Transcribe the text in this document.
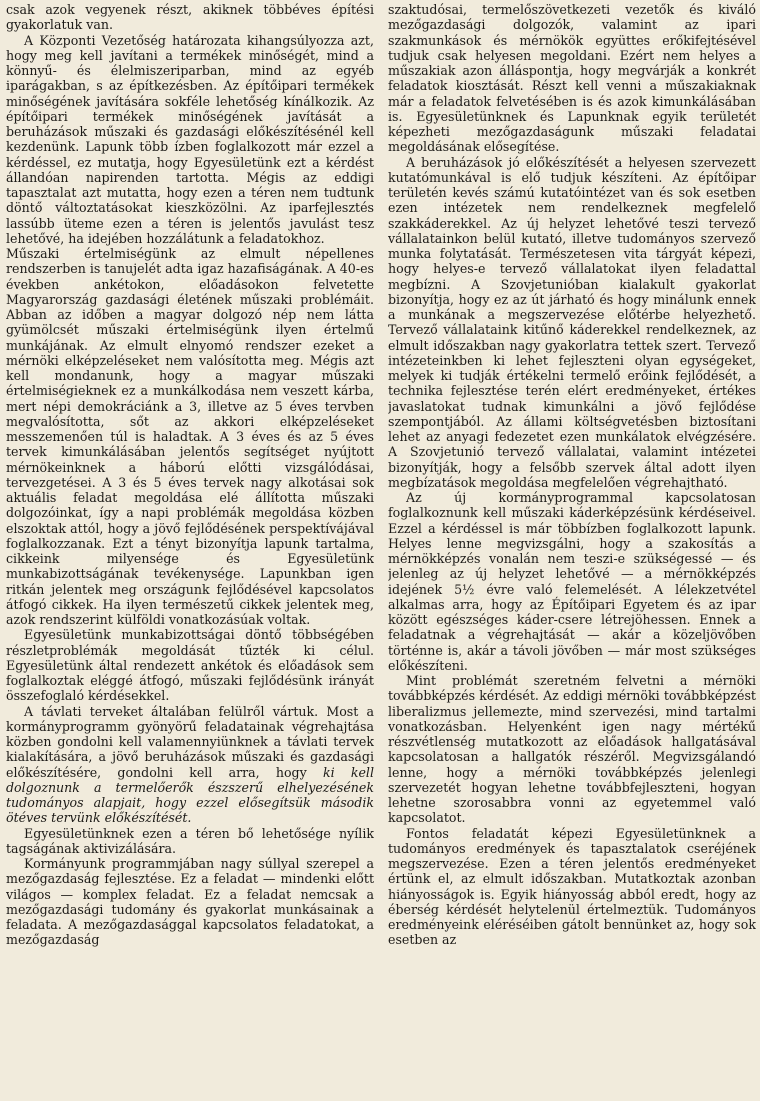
csak azok vegyenek részt, akiknek többéves építési gyakorlatuk van.

A Központi Vezetőség határozata kihangsúlyozza azt, hogy meg kell javítani a termékek minőségét, mind a könnyű- és élelmiszeriparban, mind az egyéb iparágakban, s az építkezésben. Az építőipari termékek minőségének javítására sokféle lehetőség kínálkozik. Az építőipari termékek minőségének javítását a beruházások műszaki és gazdasági előkészítésénél kell kezdenünk. Lapunk több ízben foglalkozott már ezzel a kérdéssel, ez mutatja, hogy Egyesületünk ezt a kérdést állandóan napirenden tartotta. Mégis az eddigi tapasztalat azt mutatta, hogy ezen a téren nem tudtunk döntő változtatásokat kieszközölni. Az iparfejlesztés lassúbb üteme ezen a téren is jelentős javulást tesz lehetővé, ha idejében hozzálátunk a feladatokhoz.

Műszaki értelmiségünk az elmult népellenes rendszerben is tanujelét adta igaz hazafiságának. A 40-es években ankétokon, előadásokon felvetette Magyarország gazdasági életének műszaki problémáit. Abban az időben a magyar dolgozó nép nem látta gyümölcsét műszaki értelmiségünk ilyen értelmű munkájának. Az elmult elnyomó rendszer ezeket a mérnöki elképzeléseket nem valósította meg. Mégis azt kell mondanunk, hogy a magyar műszaki értelmiségieknek ez a munkálkodása nem veszett kárba, mert népi demokráciánk a 3, illetve az 5 éves tervben megvalósította, sőt az akkori elképzeléseket messzemenően túl is haladtak. A 3 éves és az 5 éves tervek kimunkálásában jelentős segítséget nyújtott mérnökeinknek a háború előtti vizsgálódásai, tervezgetései. A 3 és 5 éves tervek nagy alkotásai sok aktuális feladat megoldása elé állította műszaki dolgozóinkat, így a napi problémák megoldása közben elszoktak attól, hogy a jövő fejlődésének perspektívájával foglalkozzanak. Ezt a tényt bizonyítja lapunk tartalma, cikkeink milyensége és Egyesületünk munkabizottságának tevékenysége. Lapunkban igen ritkán jelentek meg országunk fejlődésével kapcsolatos átfogó cikkek. Ha ilyen természetű cikkek jelentek meg, azok rendszerint külföldi vonatkozásúak voltak.

Egyesületünk munkabizottságai döntő többségében részletproblémák megoldását tűzték ki célul. Egyesületünk által rendezett ankétok és előadások sem foglalkoztak eléggé átfogó, műszaki fejlődésünk irányát összefoglaló kérdésekkel.

A távlati terveket általában felülről vártuk. Most a kormányprogramm gyönyörű feladatainak végrehajtása közben gondolni kell valamennyiünknek a távlati tervek kialakítására, a jövő beruházások műszaki és gazdasági előkészítésére, gondolni kell arra, hogy ki kell dolgoznunk a termelőerők észszerű elhelyezésének tudományos alapjait, hogy ezzel elősegítsük második ötéves tervünk előkészítését.

Egyesületünknek ezen a téren bő lehetősége nyílik tagságának aktivizálására.

Kormányunk programmjában nagy súllyal szerepel a mezőgazdaság fejlesztése. Ez a feladat — mindenki előtt világos — komplex feladat. Ez a feladat nemcsak a mezőgazdasági tudomány és gyakorlat munkásainak a feladata. A mezőgazdasággal kapcsolatos feladatokat, a mezőgazdaság

szaktudósai, termelőszövetkezeti vezetők és kiváló mezőgazdasági dolgozók, valamint az ipari szakmunkások és mérnökök együttes erőkifejtésével tudjuk csak helyesen megoldani. Ezért nem helyes a műszakiak azon álláspontja, hogy megvárják a konkrét feladatok kiosztását. Részt kell venni a műszakiaknak már a feladatok felvetésében is és azok kimunkálásában is. Egyesületünknek és Lapunknak egyik területét képezheti mezőgazdaságunk műszaki feladatai megoldásának elősegítése.

A beruházások jó előkészítését a helyesen szervezett kutatómunkával is elő tudjuk készíteni. Az építőipar területén kevés számú kutatóintézet van és sok esetben ezen intézetek nem rendelkeznek megfelelő szakkáderekkel. Az új helyzet lehetővé teszi tervező vállalatainkon belül kutató, illetve tudományos szervező munka folytatását. Természetesen vita tárgyát képezi, hogy helyes-e tervező vállalatokat ilyen feladattal megbízni. A Szovjetunióban kialakult gyakorlat bizonyítja, hogy ez az út járható és hogy minálunk ennek a munkának a megszervezése előtérbe helyezhető. Tervező vállalataink kitűnő káderekkel rendelkeznek, az elmult időszakban nagy gyakorlatra tettek szert. Tervező intézeteinkben ki lehet fejleszteni olyan egységeket, melyek ki tudják értékelni termelő erőink fejlődését, a technika fejlesztése terén elért eredményeket, értékes javaslatokat tudnak kimunkálni a jövő fejlődése szempontjából. Az állami költségvetésben biztosítani lehet az anyagi fedezetet ezen munkálatok elvégzésére. A Szovjetunió tervező vállalatai, valamint intézetei bizonyítják, hogy a felsőbb szervek által adott ilyen megbízatások megoldása megfelelően végrehajtható.

Az új kormányprogrammal kapcsolatosan foglalkoznunk kell műszaki káderképzésünk kérdéseivel. Ezzel a kérdéssel is már többízben foglalkozott lapunk. Helyes lenne megvizsgálni, hogy a szakosítás a mérnökképzés vonalán nem teszi-e szükségessé — és jelenleg az új helyzet lehetővé — a mérnökképzés idejének 5½ évre való felemelését. A lélekzetvétel alkalmas arra, hogy az Építőipari Egyetem és az ipar között egészséges káder-csere létrejöhessen. Ennek a feladatnak a végrehajtását — akár a közeljövőben történne is, akár a távoli jövőben — már most szükséges előkészíteni.

Mint problémát szeretném felvetni a mérnöki továbbképzés kérdését. Az eddigi mérnöki továbbképzést liberalizmus jellemezte, mind szervezési, mind tartalmi vonatkozásban. Helyenként igen nagy mértékű részvétlenség mutatkozott az előadások hallgatásával kapcsolatosan a hallgatók részéről. Megvizsgálandó lenne, hogy a mérnöki továbbképzés jelenlegi szervezetét hogyan lehetne továbbfejleszteni, hogyan lehetne szorosabbra vonni az egyetemmel való kapcsolatot.

Fontos feladatát képezi Egyesületünknek a tudományos eredmények és tapasztalatok cseréjének megszervezése. Ezen a téren jelentős eredményeket értünk el, az elmult időszakban. Mutatkoztak azonban hiányosságok is. Egyik hiányosság abból eredt, hogy az éberség kérdését helytelenül értelmeztük. Tudományos eredményeink eléréséiben gátolt bennünket az, hogy sok esetben az
